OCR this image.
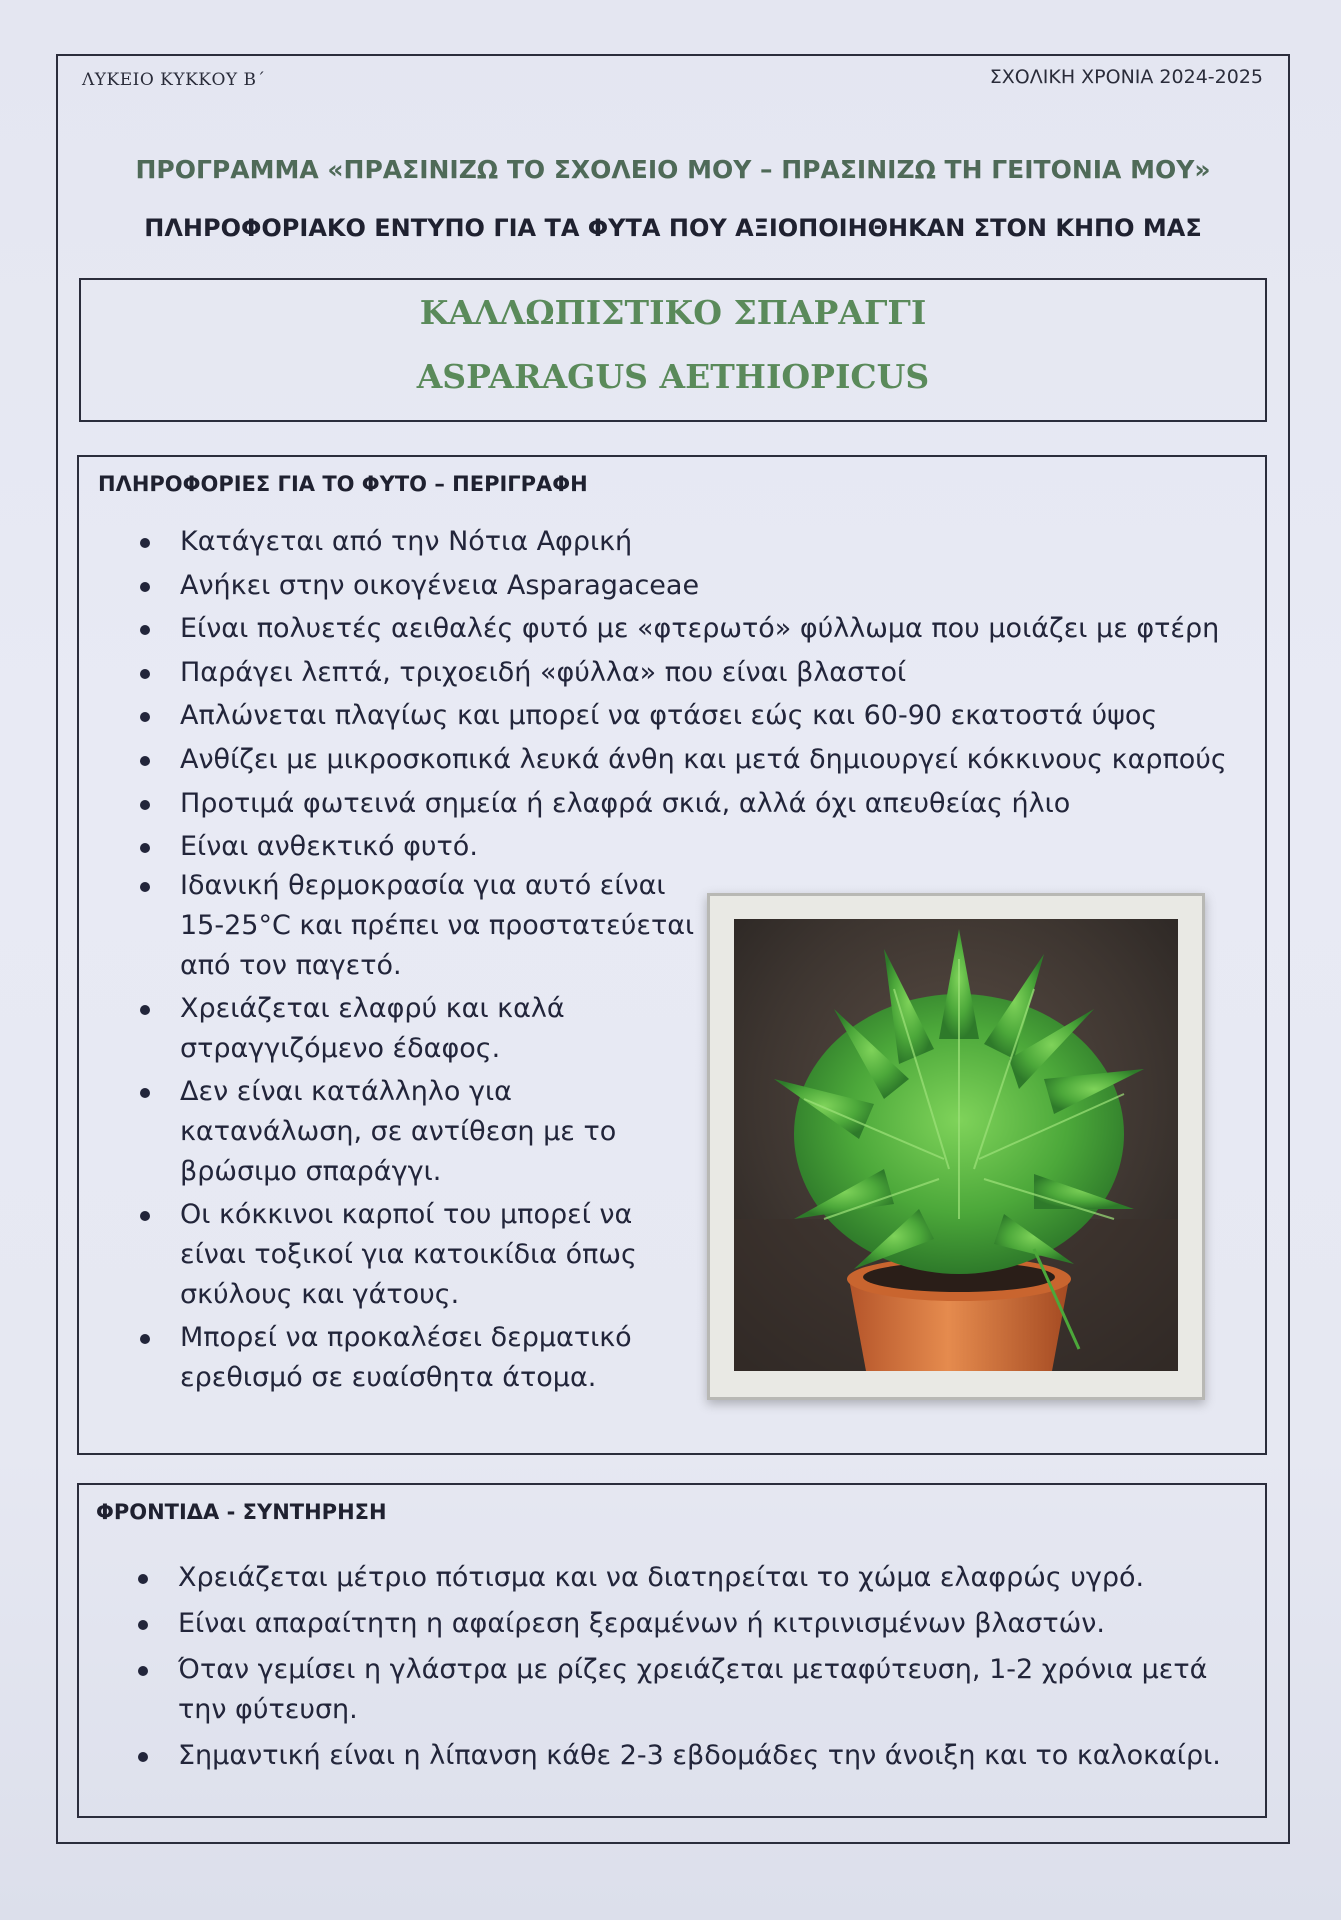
ΛΥΚΕΙΟ ΚΥΚΚΟΥ Β΄	ΣΧΟΛΙΚΗ ΧΡΟΝΙΑ 2024-2025
ΠΡΟΓΡΑΜΜΑ «ΠΡΑΣΙΝΙΖΩ ΤΟ ΣΧΟΛΕΙΟ ΜΟΥ – ΠΡΑΣΙΝΙΖΩ ΤΗ ΓΕΙΤΟΝΙΑ ΜΟΥ»
ΠΛΗΡΟΦΟΡΙΑΚΟ ΕΝΤΥΠΟ ΓΙΑ ΤΑ ΦΥΤΑ ΠΟΥ ΑΞΙΟΠΟΙΗΘΗΚΑΝ ΣΤΟΝ ΚΗΠΟ ΜΑΣ
ΚΑΛΛΩΠΙΣΤΙΚΟ ΣΠΑΡΑΓΓΙ
ASPARAGUS AETHIOPICUS
ΠΛΗΡΟΦΟΡΙΕΣ ΓΙΑ ΤΟ ΦΥΤΟ – ΠΕΡΙΓΡΑΦΗ
Κατάγεται από την Νότια Αφρική
Ανήκει στην οικογένεια Asparagaceae
Είναι πολυετές αειθαλές φυτό με «φτερωτό» φύλλωμα που μοιάζει με φτέρη
Παράγει λεπτά, τριχοειδή «φύλλα» που είναι βλαστοί
Απλώνεται πλαγίως και μπορεί να φτάσει εώς και 60-90 εκατοστά ύψος
Ανθίζει με μικροσκοπικά λευκά άνθη και μετά δημιουργεί κόκκινους καρπούς
Προτιμά φωτεινά σημεία ή ελαφρά σκιά, αλλά όχι απευθείας ήλιο
Είναι ανθεκτικό φυτό.
Ιδανική θερμοκρασία για αυτό είναι 15-25°C και πρέπει να προστατεύεται από τον παγετό.
Χρειάζεται ελαφρύ και καλά στραγγιζόμενο έδαφος.
Δεν είναι κατάλληλο για κατανάλωση, σε αντίθεση με το βρώσιμο σπαράγγι.
Οι κόκκινοι καρποί του μπορεί να είναι τοξικοί για κατοικίδια όπως σκύλους και γάτους.
Μπορεί να προκαλέσει δερματικό ερεθισμό σε ευαίσθητα άτομα.
ΦΡΟΝΤΙΔΑ - ΣΥΝΤΗΡΗΣΗ
Χρειάζεται μέτριο πότισμα και να διατηρείται το χώμα ελαφρώς υγρό.
Είναι απαραίτητη η αφαίρεση ξεραμένων ή κιτρινισμένων βλαστών.
Όταν γεμίσει η γλάστρα με ρίζες χρειάζεται μεταφύτευση, 1-2 χρόνια μετά την φύτευση.
Σημαντική είναι η λίπανση κάθε 2-3 εβδομάδες την άνοιξη και το καλοκαίρι.
